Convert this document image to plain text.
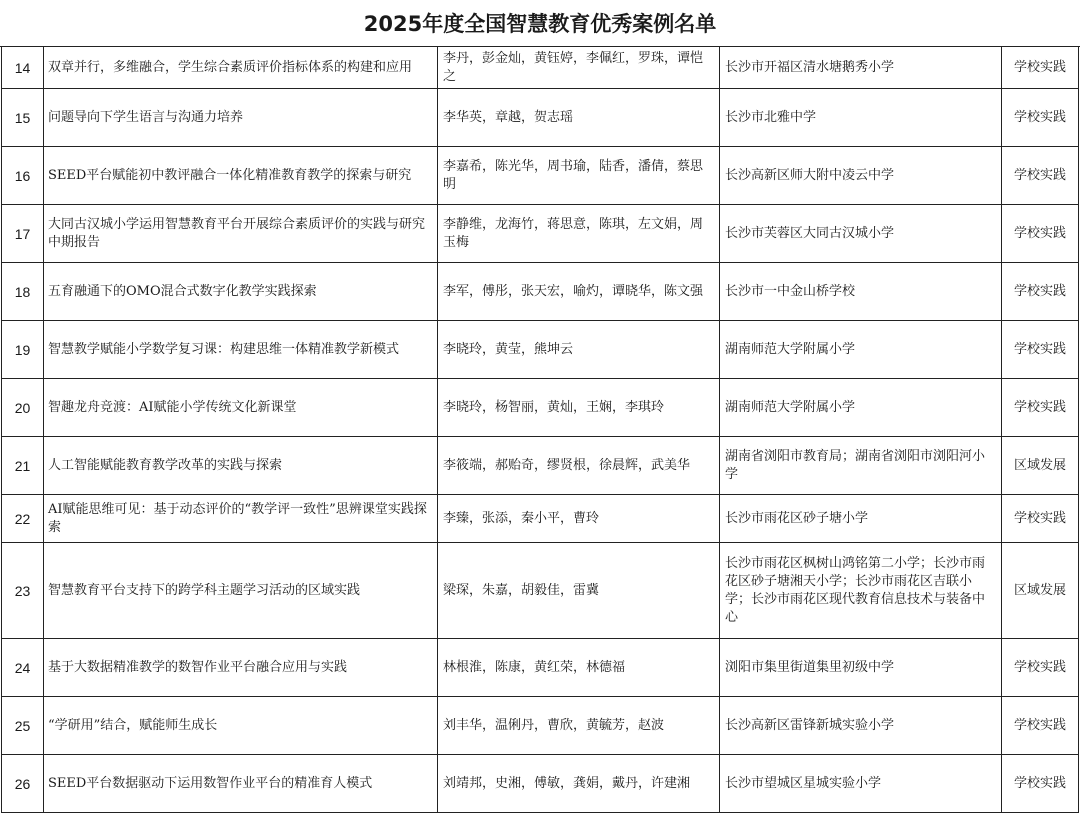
2025年度全国智慧教育优秀案例名单
14	双章并行，多维融合，学生综合素质评价指标体系的构建和应用	李丹，彭金灿，黄钰婷，李佩红，罗珠，谭恺之	长沙市开福区清水塘鹅秀小学	学校实践
15	问题导向下学生语言与沟通力培养	李华英，章越，贺志瑶	长沙市北雅中学	学校实践
16	SEED平台赋能初中教评融合一体化精准教育教学的探索与研究	李嘉希，陈光华，周书瑜，陆香，潘倩，蔡思明	长沙高新区师大附中凌云中学	学校实践
17	大同古汉城小学运用智慧教育平台开展综合素质评价的实践与研究中期报告	李静维，龙海竹，蒋思意，陈琪，左文娟，周玉梅	长沙市芙蓉区大同古汉城小学	学校实践
18	五育融通下的OMO混合式数字化教学实践探索	李军，傅彤，张天宏，喻灼，谭晓华，陈文强	长沙市一中金山桥学校	学校实践
19	智慧教学赋能小学数学复习课：构建思维一体精准教学新模式	李晓玲，黄莹，熊坤云	湖南师范大学附属小学	学校实践
20	智趣龙舟竞渡：AI赋能小学传统文化新课堂	李晓玲，杨智丽，黄灿，王娴，李琪玲	湖南师范大学附属小学	学校实践
21	人工智能赋能教育教学改革的实践与探索	李筱端，郝贻奇，缪贤根，徐晨辉，武美华	湖南省浏阳市教育局；湖南省浏阳市浏阳河小学	区域发展
22	AI赋能思维可见：基于动态评价的“教学评一致性”思辨课堂实践探索	李臻，张添，秦小平，曹玲	长沙市雨花区砂子塘小学	学校实践
23	智慧教育平台支持下的跨学科主题学习活动的区域实践	梁琛，朱嘉，胡毅佳，雷冀	长沙市雨花区枫树山鸿铭第二小学；长沙市雨花区砂子塘湘天小学；长沙市雨花区吉联小学；长沙市雨花区现代教育信息技术与装备中心	区域发展
24	基于大数据精准教学的数智作业平台融合应用与实践	林根淮，陈康，黄红荣，林德福	浏阳市集里街道集里初级中学	学校实践
25	“学研用”结合，赋能师生成长	刘丰华，温俐丹，曹欣，黄毓芳，赵波	长沙高新区雷锋新城实验小学	学校实践
26	SEED平台数据驱动下运用数智作业平台的精准育人模式	刘靖邦，史湘，傅敏，龚娟，戴丹，许建湘	长沙市望城区星城实验小学	学校实践
